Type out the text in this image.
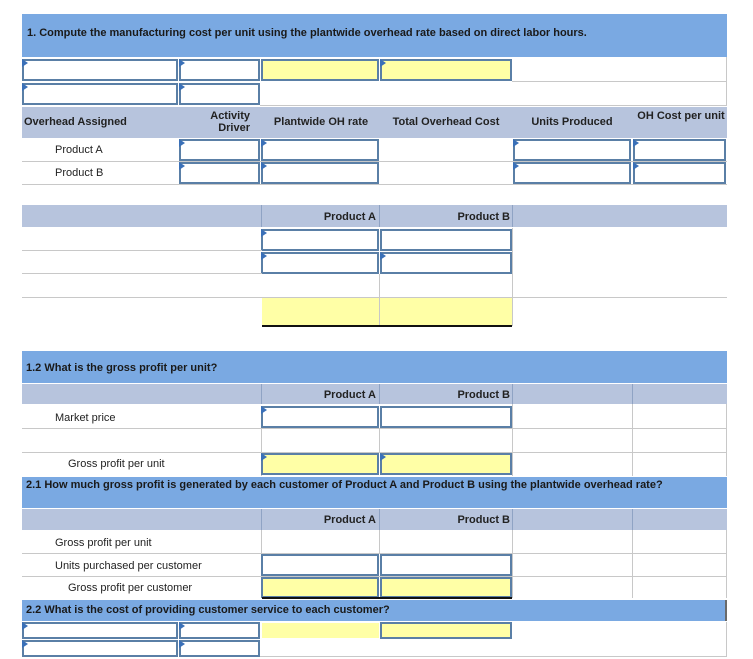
1. Compute the manufacturing cost per unit using the plantwide overhead rate based on direct labor hours.
Overhead Assigned	Activity Driver	Plantwide OH rate	Total Overhead Cost	Units Produced	OH Cost per unit
Product A
Product B
Product A	Product B
1.2 What is the gross profit per unit?
Product A	Product B
Market price
Gross profit per unit
2.1 How much gross profit is generated by each customer of Product A and Product B using the plantwide overhead rate?
Product A	Product B
Gross profit per unit
Units purchased per customer
Gross profit per customer
2.2 What is the cost of providing customer service to each customer?
